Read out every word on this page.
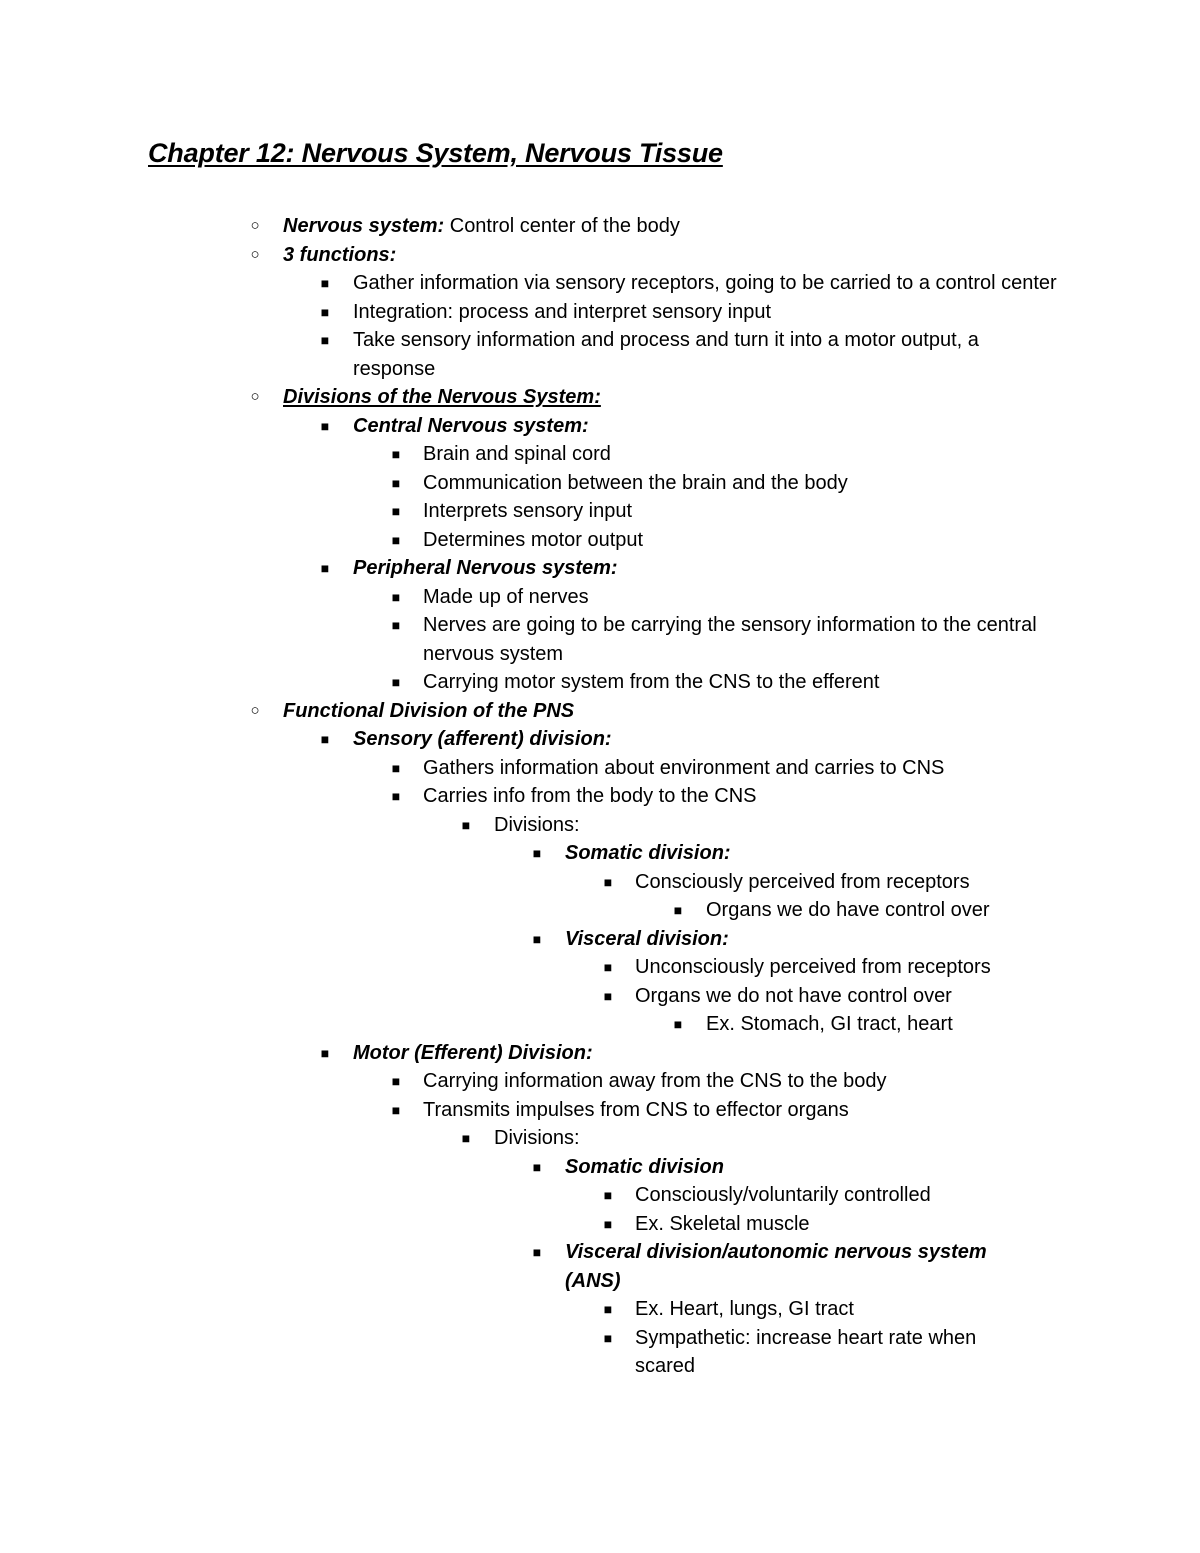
Chapter 12: Nervous System, Nervous Tissue
○	Nervous system: Control center of the body
○	3 functions:
■	Gather information via sensory receptors, going to be carried to a control center
■	Integration: process and interpret sensory input
■	Take sensory information and process and turn it into a motor output, a response
○	Divisions of the Nervous System:
■	Central Nervous system:
■	Brain and spinal cord
■	Communication between the brain and the body
■	Interprets sensory input
■	Determines motor output
■	Peripheral Nervous system:
■	Made up of nerves
■	Nerves are going to be carrying the sensory information to the central nervous system
■	Carrying motor system from the CNS to the efferent
○	Functional Division of the PNS
■	Sensory (afferent) division:
■	Gathers information about environment and carries to CNS
■	Carries info from the body to the CNS
■	Divisions:
■	Somatic division:
■	Consciously perceived from receptors
■	Organs we do have control over
■	Visceral division:
■	Unconsciously perceived from receptors
■	Organs we do not have control over
■	Ex. Stomach, GI tract, heart
■	Motor (Efferent) Division:
■	Carrying information away from the CNS to the body
■	Transmits impulses from CNS to effector organs
■	Divisions:
■	Somatic division
■	Consciously/voluntarily controlled
■	Ex. Skeletal muscle
■	Visceral division/autonomic nervous system (ANS)
■	Ex. Heart, lungs, GI tract
■	Sympathetic: increase heart rate when scared
